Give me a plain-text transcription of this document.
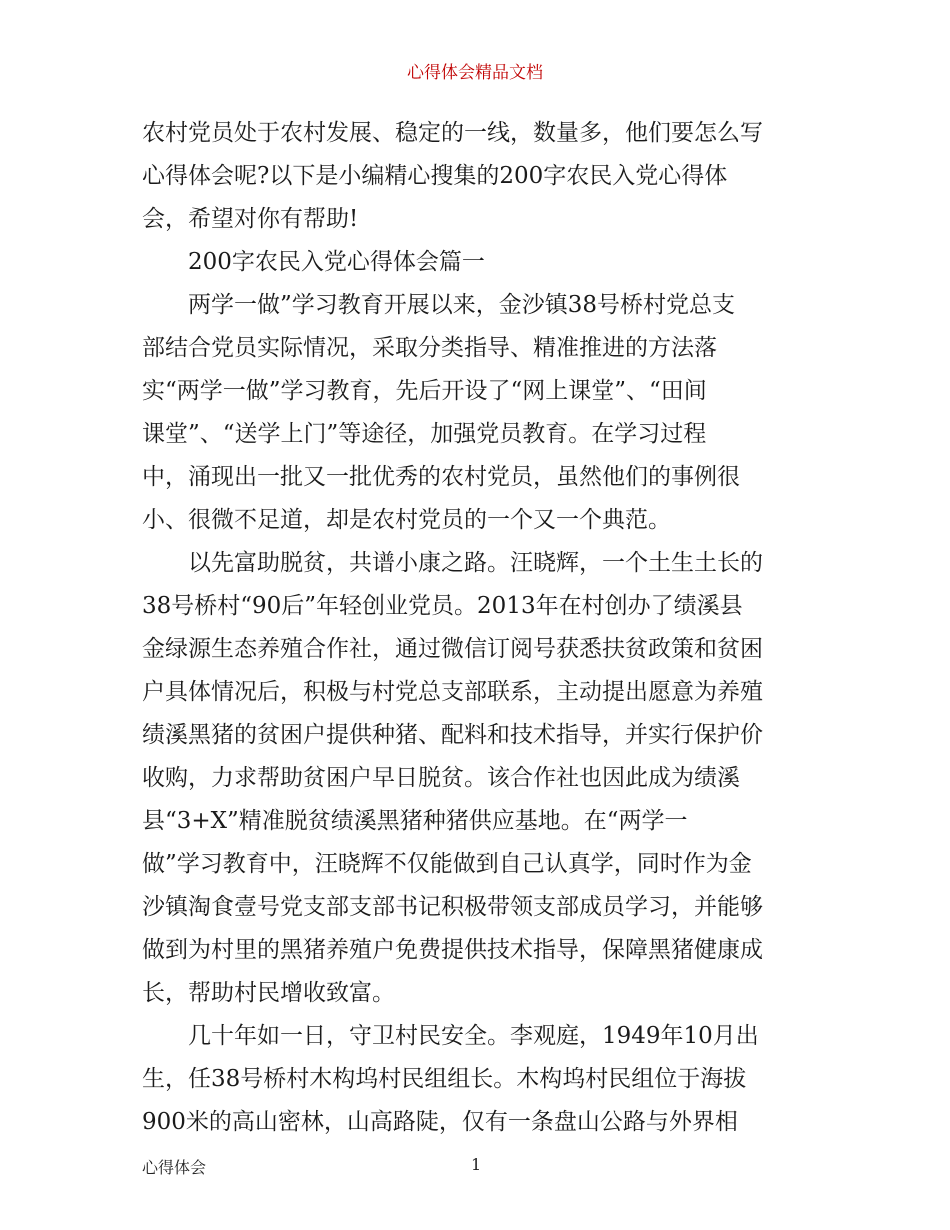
心得体会精品文档
农村党员处于农村发展、稳定的一线，数量多，他们要怎么写
心得体会呢?以下是小编精心搜集的200字农民入党心得体
会，希望对你有帮助!
200字农民入党心得体会篇一
两学一做”学习教育开展以来，金沙镇38号桥村党总支
部结合党员实际情况，采取分类指导、精准推进的方法落
实“两学一做”学习教育，先后开设了“网上课堂”、“田间
课堂”、“送学上门”等途径，加强党员教育。在学习过程
中，涌现出一批又一批优秀的农村党员，虽然他们的事例很
小、很微不足道，却是农村党员的一个又一个典范。
以先富助脱贫，共谱小康之路。汪晓辉，一个土生土长的
38号桥村“90后”年轻创业党员。2013年在村创办了绩溪县
金绿源生态养殖合作社，通过微信订阅号获悉扶贫政策和贫困
户具体情况后，积极与村党总支部联系，主动提出愿意为养殖
绩溪黑猪的贫困户提供种猪、配料和技术指导，并实行保护价
收购，力求帮助贫困户早日脱贫。该合作社也因此成为绩溪
县“3+X”精准脱贫绩溪黑猪种猪供应基地。在“两学一
做”学习教育中，汪晓辉不仅能做到自己认真学，同时作为金
沙镇淘食壹号党支部支部书记积极带领支部成员学习，并能够
做到为村里的黑猪养殖户免费提供技术指导，保障黑猪健康成
长，帮助村民增收致富。
几十年如一日，守卫村民安全。李观庭，1949年10月出
生，任38号桥村木构坞村民组组长。木构坞村民组位于海拔
900米的高山密林，山高路陡，仅有一条盘山公路与外界相
心得体会	1
